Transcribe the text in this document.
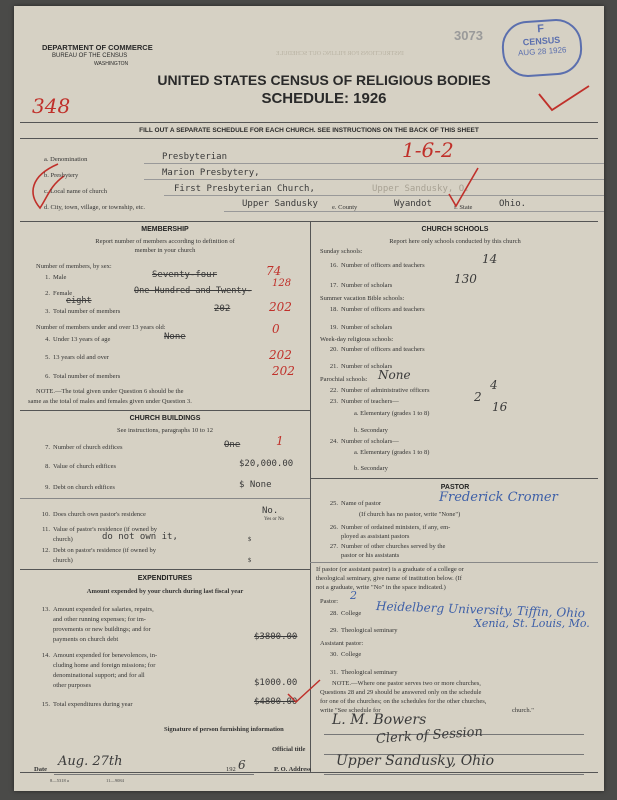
DEPARTMENT OF COMMERCE
BUREAU OF THE CENSUS
WASHINGTON
3073
INSTRUCTIONS FOR FILLING OUT SCHEDULE
UNITED STATES CENSUS OF RELIGIOUS BODIES
SCHEDULE: 1926
348
F
CENSUS
AUG 28 1926
FILL OUT A SEPARATE SCHEDULE FOR EACH CHURCH. SEE INSTRUCTIONS ON THE BACK OF THIS SHEET
1-6-2
a. Denomination	Presbyterian
b. Presbytery	Marion Presbytery,
c. Local name of church	First Presbyterian Church,	Upper Sandusky, O.
d. City, town, village, or township, etc.	Upper Sandusky e. County	Wyandot	f. State	Ohio.
MEMBERSHIP
Report number of members according to definition of
member in your church
Number of members, by sex:
1. Male	Seventy-four	74
2. Female	One Hundred and Twenty-
eight
128
3. Total number of members	202	202
Number of members under and over 13 years old:	0
4. Under 13 years of age	None
5. 13 years old and over	202
6. Total number of members	202
NOTE.—The total given under Question 6 should be the
same as the total of males and females given under Question 3.
CHURCH BUILDINGS
See instructions, paragraphs 10 to 12
7. Number of church edifices	One	1
8. Value of church edifices	$20,000.00
9. Debt on church edifices	$ None
10. Does church own pastor's residence	No.
Yes or No
11. Value of pastor's residence (if owned by
church)	do not own it,	$
12. Debt on pastor's residence (if owned by
church)	$
EXPENDITURES
Amount expended by your church during last fiscal year
13. Amount expended for salaries, repairs,
and other running expenses; for im-
provements or new buildings; and for
payments on church debt	$3800.00
14. Amount expended for benevolences, in-
cluding home and foreign missions; for
denominational support; and for all
other purposes	$1000.00
15. Total expenditures during year	$4800.00
CHURCH SCHOOLS
Report here only schools conducted by this church
Sunday schools:
16. Number of officers and teachers	14
17. Number of scholars	130
Summer vacation Bible schools:
18. Number of officers and teachers
19. Number of scholars
Week-day religious schools:
20. Number of officers and teachers
21. Number of scholars
Parochial schools: None
22. Number of administrative officers	4
23. Number of teachers—	2
a. Elementary (grades 1 to 8)	16
b. Secondary
24. Number of scholars—
a. Elementary (grades 1 to 8)
b. Secondary
PASTOR
25. Name of pastor	Frederick Cromer
(If church has no pastor, write "None")
26. Number of ordained ministers, if any, em-
ployed as assistant pastors
27. Number of other churches served by the
pastor or his assistants
If pastor (or assistant pastor) is a graduate of a college or
theological seminary, give name of institution below. (If
not a graduate, write "No" in the space indicated.)
Pastor: 2
28. College Heidelberg University, Tiffin, Ohio
29. Theological seminary
Xenia, St. Louis, Mo.
Assistant pastor:
30. College
31. Theological seminary
NOTE.—Where one pastor serves two or more churches,
Questions 28 and 29 should be answered only on the schedule
for one of the churches; on the schedules for the other churches,
write "See schedule for	church."
Signature of person furnishing information
L. M. Bowers
Official title
Clerk of Session
Date
Aug. 27th
192 6	P. O. Address
Upper Sandusky, Ohio
8—5318 a	11—9084
